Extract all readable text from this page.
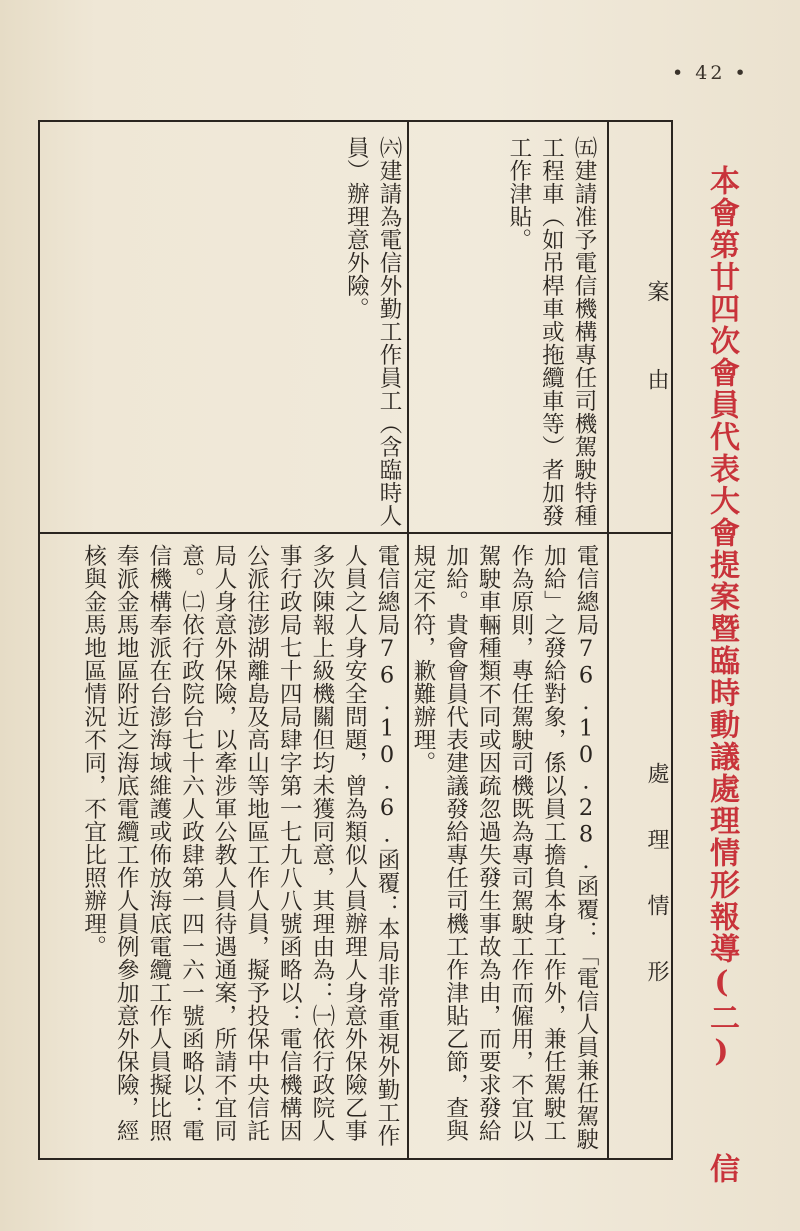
• 42 •
本會第廿四次會員代表大會提案暨臨時動議處理情形報導(二)
信
案　　　由
處　　理　　情　　形

㈤建請准予電信機構專任司機駕駛特種工程車（如吊桿車或拖纜車等）者加發工作津貼。

電信總局76.10.28.函覆：「電信人員兼任駕駛加給」之發給對象，係以員工擔負本身工作外，兼任駕駛工作為原則，專任駕駛司機既為專司駕駛工作而僱用，不宜以駕駛車輛種類不同或因疏忽過失發生事故為由，而要求發給加給。貴會會員代表建議發給專任司機工作津貼乙節，查與規定不符，歉難辦理。

㈥建請為電信外勤工作員工（含臨時人員）辦理意外險。

電信總局76.10.6.函覆：本局非常重視外勤工作人員之人身安全問題，曾為類似人員辦理人身意外保險乙事多次陳報上級機關但均未獲同意，其理由為：㈠依行政院人事行政局七十四局肆字第一七九八八號函略以：電信機構因公派往澎湖離島及高山等地區工作人員，擬予投保中央信託局人身意外保險，以牽涉軍公教人員待遇通案，所請不宜同意。㈡依行政院台七十六人政肆第一四一六一號函略以：電信機構奉派在台澎海域維護或佈放海底電纜工作人員擬比照奉派金馬地區附近之海底電纜工作人員例參加意外保險，經核與金馬地區情況不同，不宜比照辦理。
